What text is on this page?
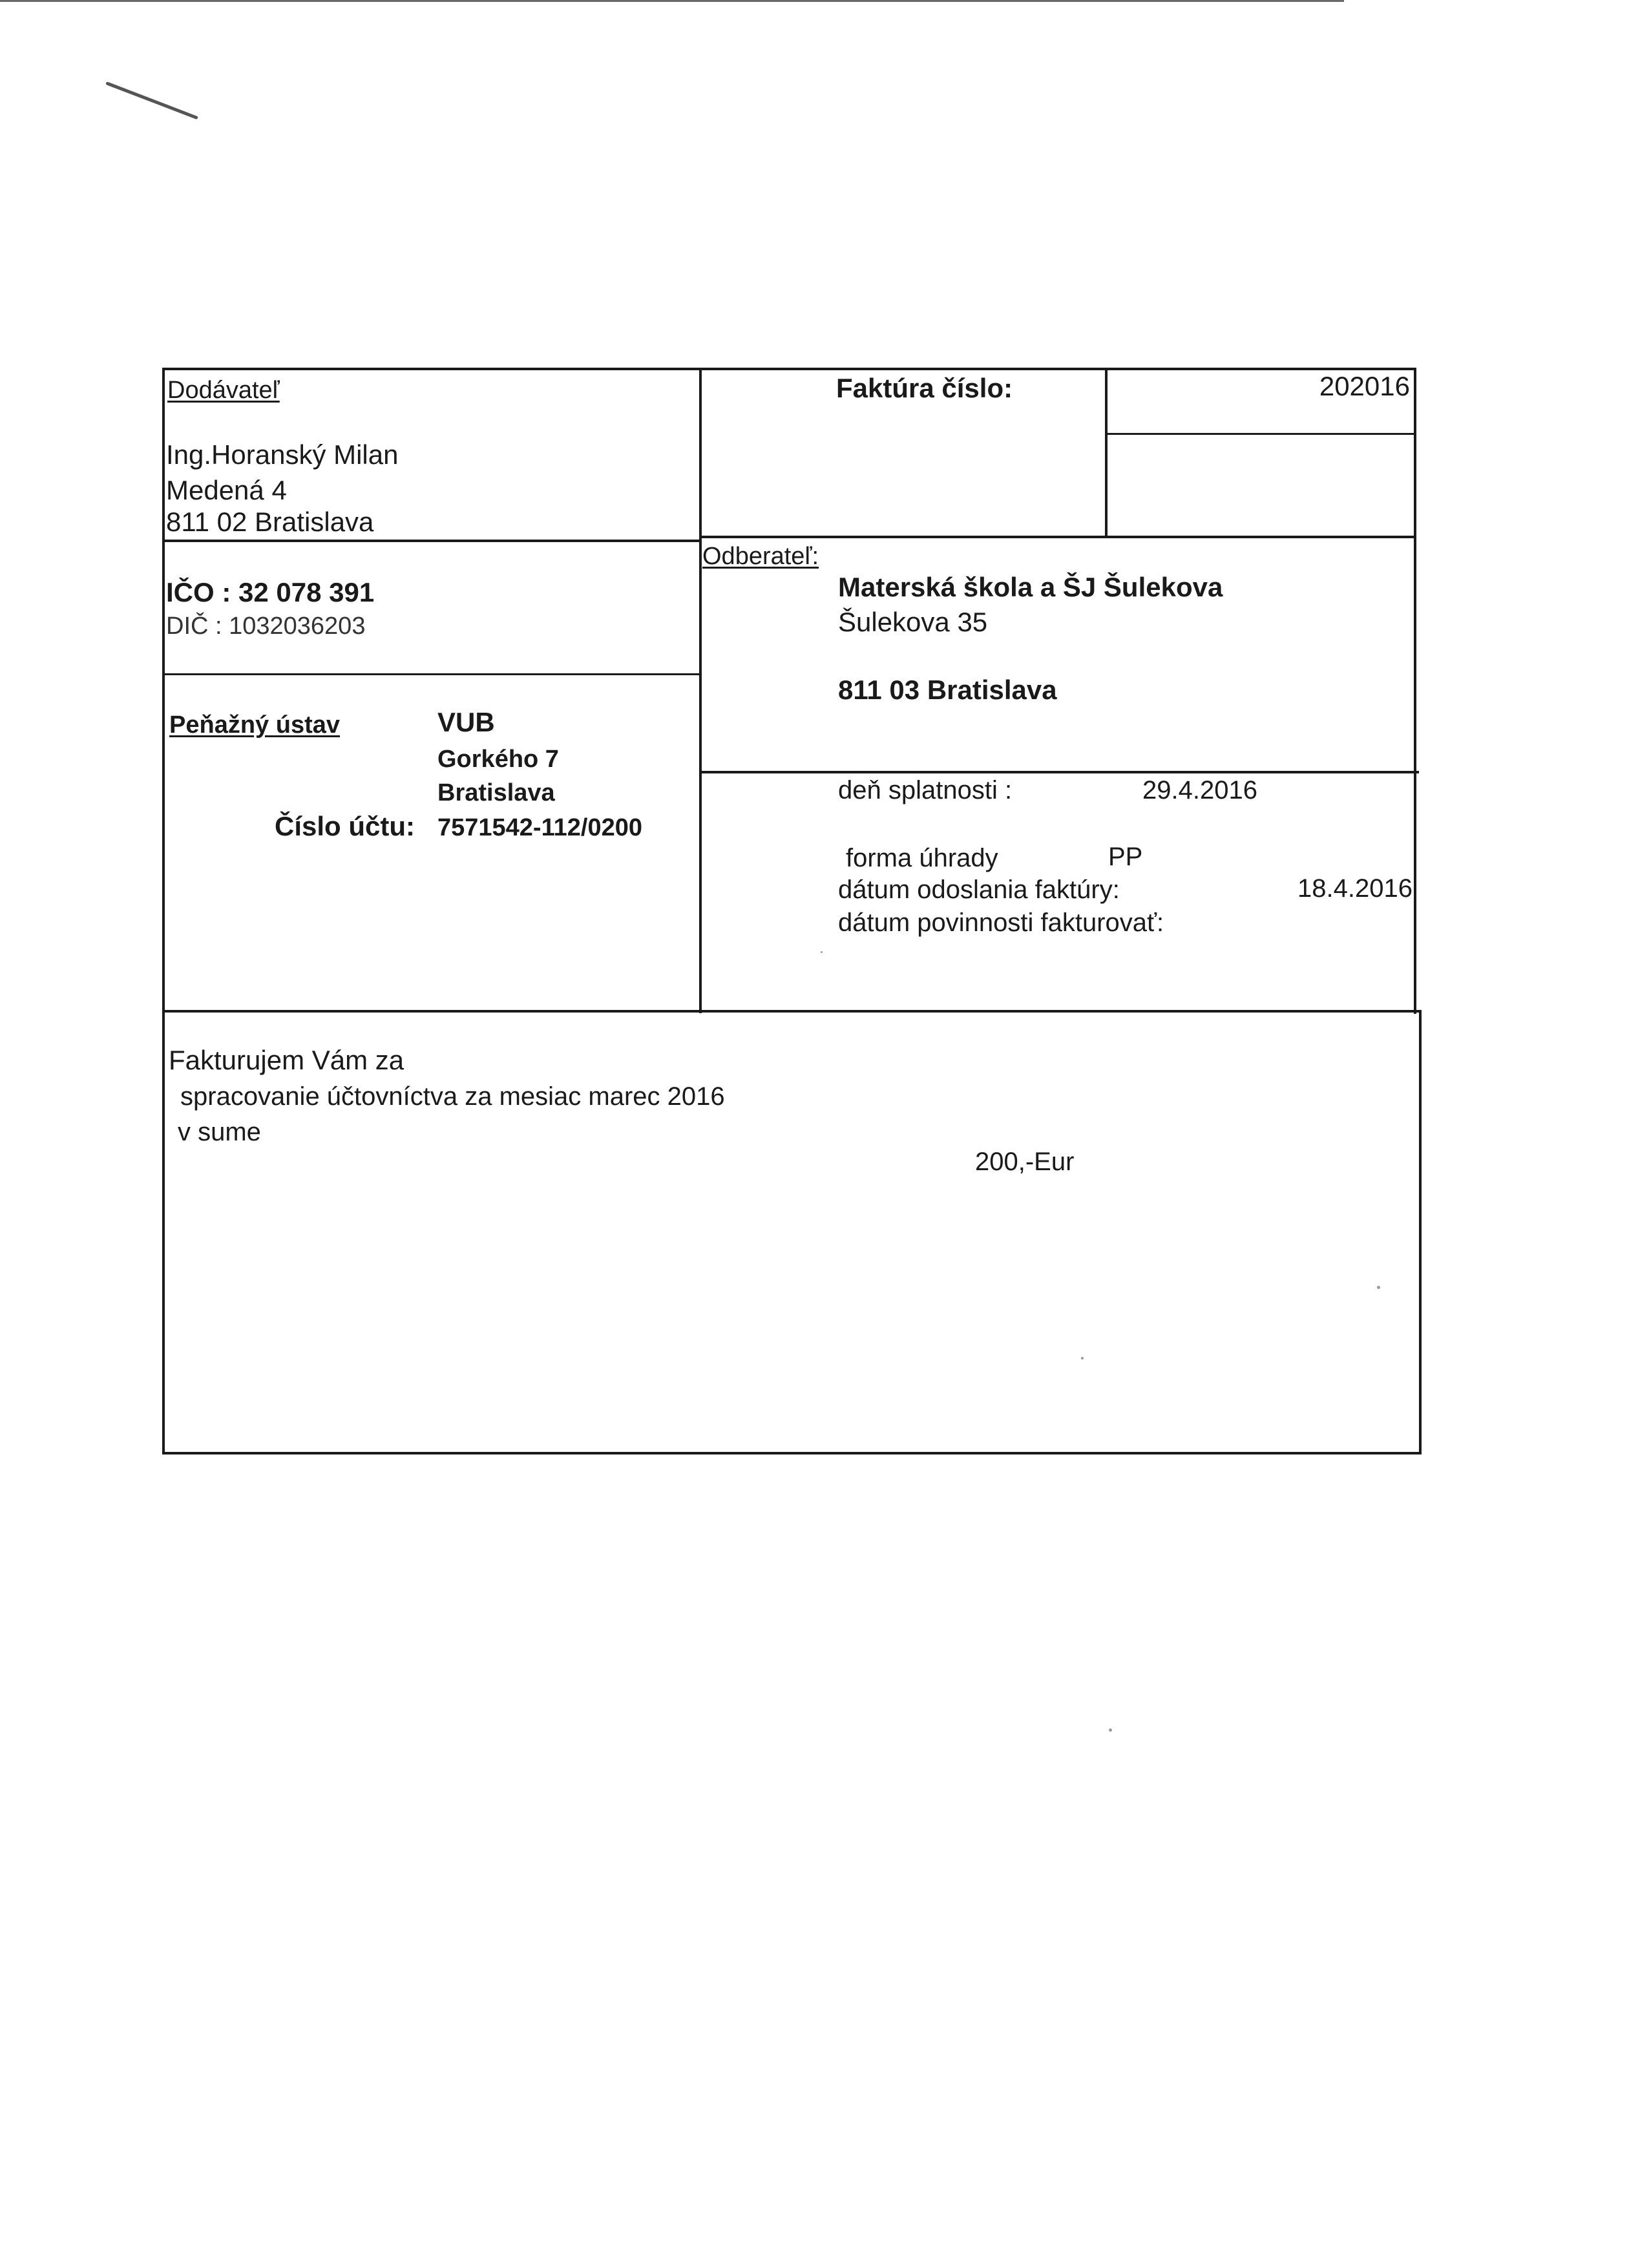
Dodávateľ
Ing.Horanský Milan
Medená 4
811 02 Bratislava
IČO : 32 078 391
DIČ : 1032036203
Peňažný ústav	VUB
Gorkého 7
Bratislava
Číslo účtu: 7571542-112/0200
Faktúra číslo:	202016
Odberateľ:
Materská škola a ŠJ Šulekova
Šulekova 35
811 03 Bratislava
deň splatnosti :	29.4.2016
forma úhrady	PP
dátum odoslania faktúry:	18.4.2016
dátum povinnosti fakturovať:
Fakturujem Vám za
spracovanie účtovníctva za mesiac marec 2016
v sume
200,-Eur
